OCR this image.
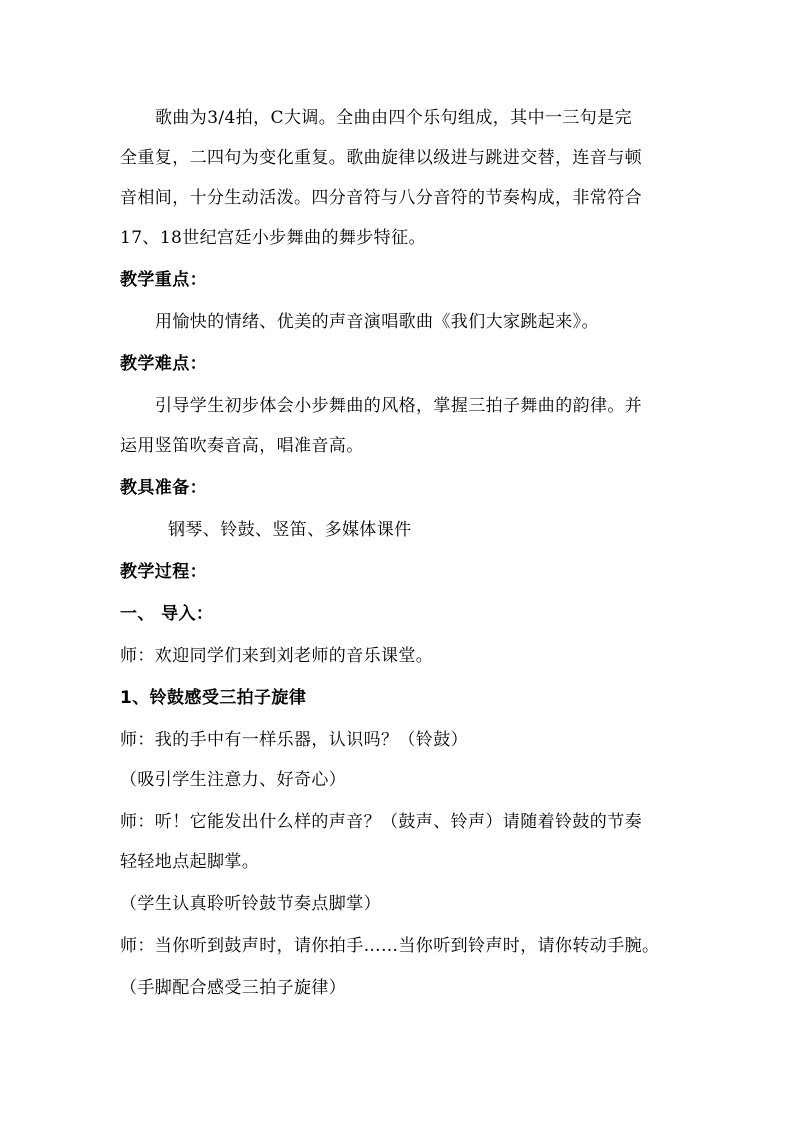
歌曲为3/4拍，C大调。全曲由四个乐句组成，其中一三句是完
全重复，二四句为变化重复。歌曲旋律以级进与跳进交替，连音与顿
音相间，十分生动活泼。四分音符与八分音符的节奏构成，非常符合
17、18世纪宫廷小步舞曲的舞步特征。
教学重点：
用愉快的情绪、优美的声音演唱歌曲《我们大家跳起来》。
教学难点：
引导学生初步体会小步舞曲的风格，掌握三拍子舞曲的韵律。并
运用竖笛吹奏音高，唱准音高。
教具准备：
钢琴、铃鼓、竖笛、多媒体课件
教学过程：
一、 导入：
师：欢迎同学们来到刘老师的音乐课堂。
1、铃鼓感受三拍子旋律
师：我的手中有一样乐器，认识吗？（铃鼓）
（吸引学生注意力、好奇心）
师：听！它能发出什么样的声音？（鼓声、铃声）请随着铃鼓的节奏
轻轻地点起脚掌。
（学生认真聆听铃鼓节奏点脚掌）
师：当你听到鼓声时，请你拍手……当你听到铃声时，请你转动手腕。
（手脚配合感受三拍子旋律）
